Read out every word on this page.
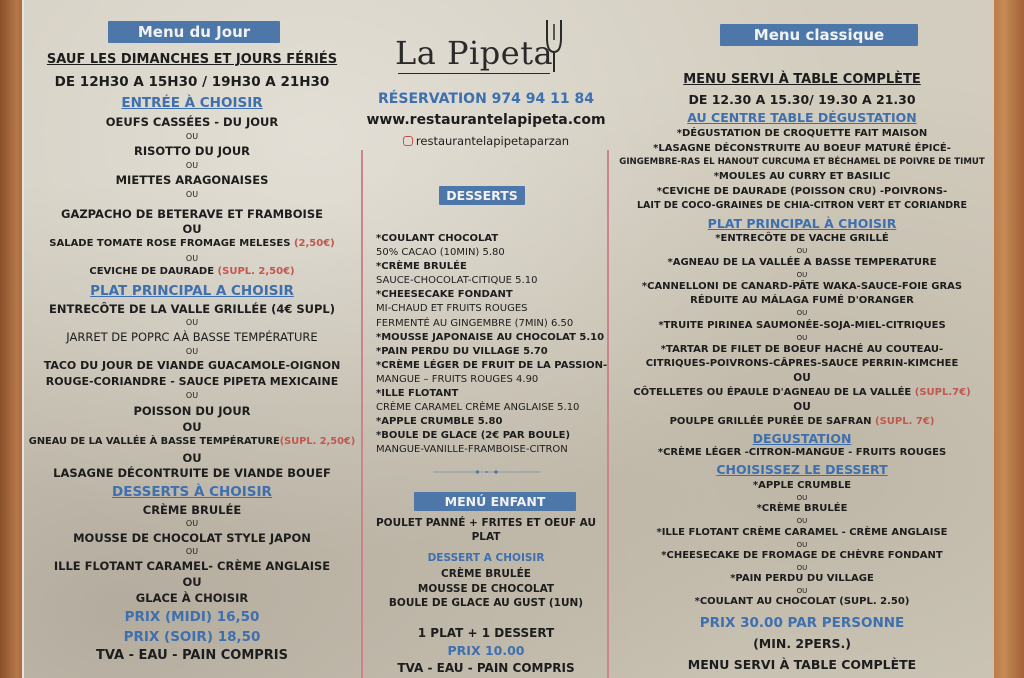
Menu du Jour
SAUF LES DIMANCHES ET JOURS FÉRIÉS
DE 12H30 A 15H30 / 19H30 A 21H30
ENTRÉE À CHOISIR
OEUFS CASSÉES - DU JOUR
OU
RISOTTO DU JOUR
OU
MIETTES ARAGONAISES
OU
GAZPACHO DE BETERAVE ET FRAMBOISE
OU
SALADE TOMATE ROSE FROMAGE MELESES (2,50€)
OU
CEVICHE DE DAURADE (SUPL. 2,50€)
PLAT PRINCIPAL A CHOISIR
ENTRECÔTE DE LA VALLE GRILLÉE (4€ SUPL)
OU
JARRET DE POPRC AÀ BASSE TEMPÉRATURE
OU
TACO DU JOUR DE VIANDE GUACAMOLE-OIGNON
ROUGE-CORIANDRE - SAUCE PIPETA MEXICAINE
OU
POISSON DU JOUR
OU
GNEAU DE LA VALLÉE À BASSE TEMPÉRATURE(SUPL. 2,50€)
OU
LASAGNE DÉCONTRUITE DE VIANDE BOUEF
DESSERTS À CHOISIR
CRÈME BRULÉE
OU
MOUSSE DE CHOCOLAT STYLE JAPON
OU
ILLE FLOTANT CARAMEL- CRÈME ANGLAISE
OU
GLACE À CHOISIR
PRIX (MIDI) 16,50
PRIX (SOIR) 18,50
TVA - EAU - PAIN COMPRIS
La Pipeta
RÉSERVATION 974 94 11 84
www.restaurantelapipeta.com
restaurantelapipetaparzan
DESSERTS
*COULANT CHOCOLAT
50% CACAO (10MIN) 5.80
*CRÈME BRULÉE
SAUCE-CHOCOLAT-CITIQUE 5.10
*CHEESECAKE FONDANT
MI-CHAUD ET FRUITS ROUGES
FERMENTÉ AU GINGEMBRE (7MIN) 6.50
*MOUSSE JAPONAISE AU CHOCOLAT 5.10
*PAIN PERDU DU VILLAGE 5.70
*CRÈME LÉGER DE FRUIT DE LA PASSION-
MANGUE – FRUITS ROUGES 4.90
*ILLE FLOTANT
CRÈME CARAMEL CRÈME ANGLAISE 5.10
*APPLE CRUMBLE 5.80
*BOULE DE GLACE (2€ PAR BOULE)
MANGUE-VANILLE-FRAMBOISE-CITRON
MENÚ ENFANT
POULET PANNÉ + FRITES ET OEUF AU
PLAT
DESSERT A CHOISIR
CRÈME BRULÉE
MOUSSE DE CHOCOLAT
BOULE DE GLACE AU GUST (1UN)
1 PLAT + 1 DESSERT
PRIX 10.00
TVA - EAU - PAIN COMPRIS
Menu classique
MENU SERVI À TABLE COMPLÈTE
DE 12.30 A 15.30/ 19.30 A 21.30
AU CENTRE TABLE DÉGUSTATION
*DÉGUSTATION DE CROQUETTE FAIT MAISON
*LASAGNE DÉCONSTRUITE AU BOEUF MATURÉ ÉPICÉ-
GINGEMBRE-RAS EL HANOUT CURCUMA ET BÉCHAMEL DE POIVRE DE TIMUT
*MOULES AU CURRY ET BASILIC
*CEVICHE DE DAURADE (POISSON CRU) -POIVRONS-
LAIT DE COCO-GRAINES DE CHIA-CITRON VERT ET CORIANDRE
PLAT PRINCIPAL À CHOISIR
*ENTRECÔTE DE VACHE GRILLÉ
OU
*AGNEAU DE LA VALLÉE A BASSE TEMPERATURE
OU
*CANNELLONI DE CANARD-PÂTE WAKA-SAUCE-FOIE GRAS
RÉDUITE AU MÁLAGA FUMÉ D'ORANGER
OU
*TRUITE PIRINEA SAUMONÉE-SOJA-MIEL-CITRIQUES
OU
*TARTAR DE FILET DE BOEUF HACHÉ AU COUTEAU-
CITRIQUES-POIVRONS-CÂPRES-SAUCE PERRIN-KIMCHEE
OU
CÔTELLETES OU ÉPAULE D'AGNEAU DE LA VALLÉE (SUPL.7€)
OU
POULPE GRILLÉE PURÉE DE SAFRAN (SUPL. 7€)
DEGUSTATION
*CRÈME LÉGER -CITRON-MANGUE - FRUITS ROUGES
CHOISISSEZ LE DESSERT
*APPLE CRUMBLE
OU
*CRÈME BRULÉE
OU
*ILLE FLOTANT CRÈME CARAMEL - CRÈME ANGLAISE
OU
*CHEESECAKE DE FROMAGE DE CHÈVRE FONDANT
OU
*PAIN PERDU DU VILLAGE
OU
*COULANT AU CHOCOLAT (SUPL. 2.50)
PRIX 30.00 PAR PERSONNE
(MIN. 2PERS.)
MENU SERVI À TABLE COMPLÈTE
